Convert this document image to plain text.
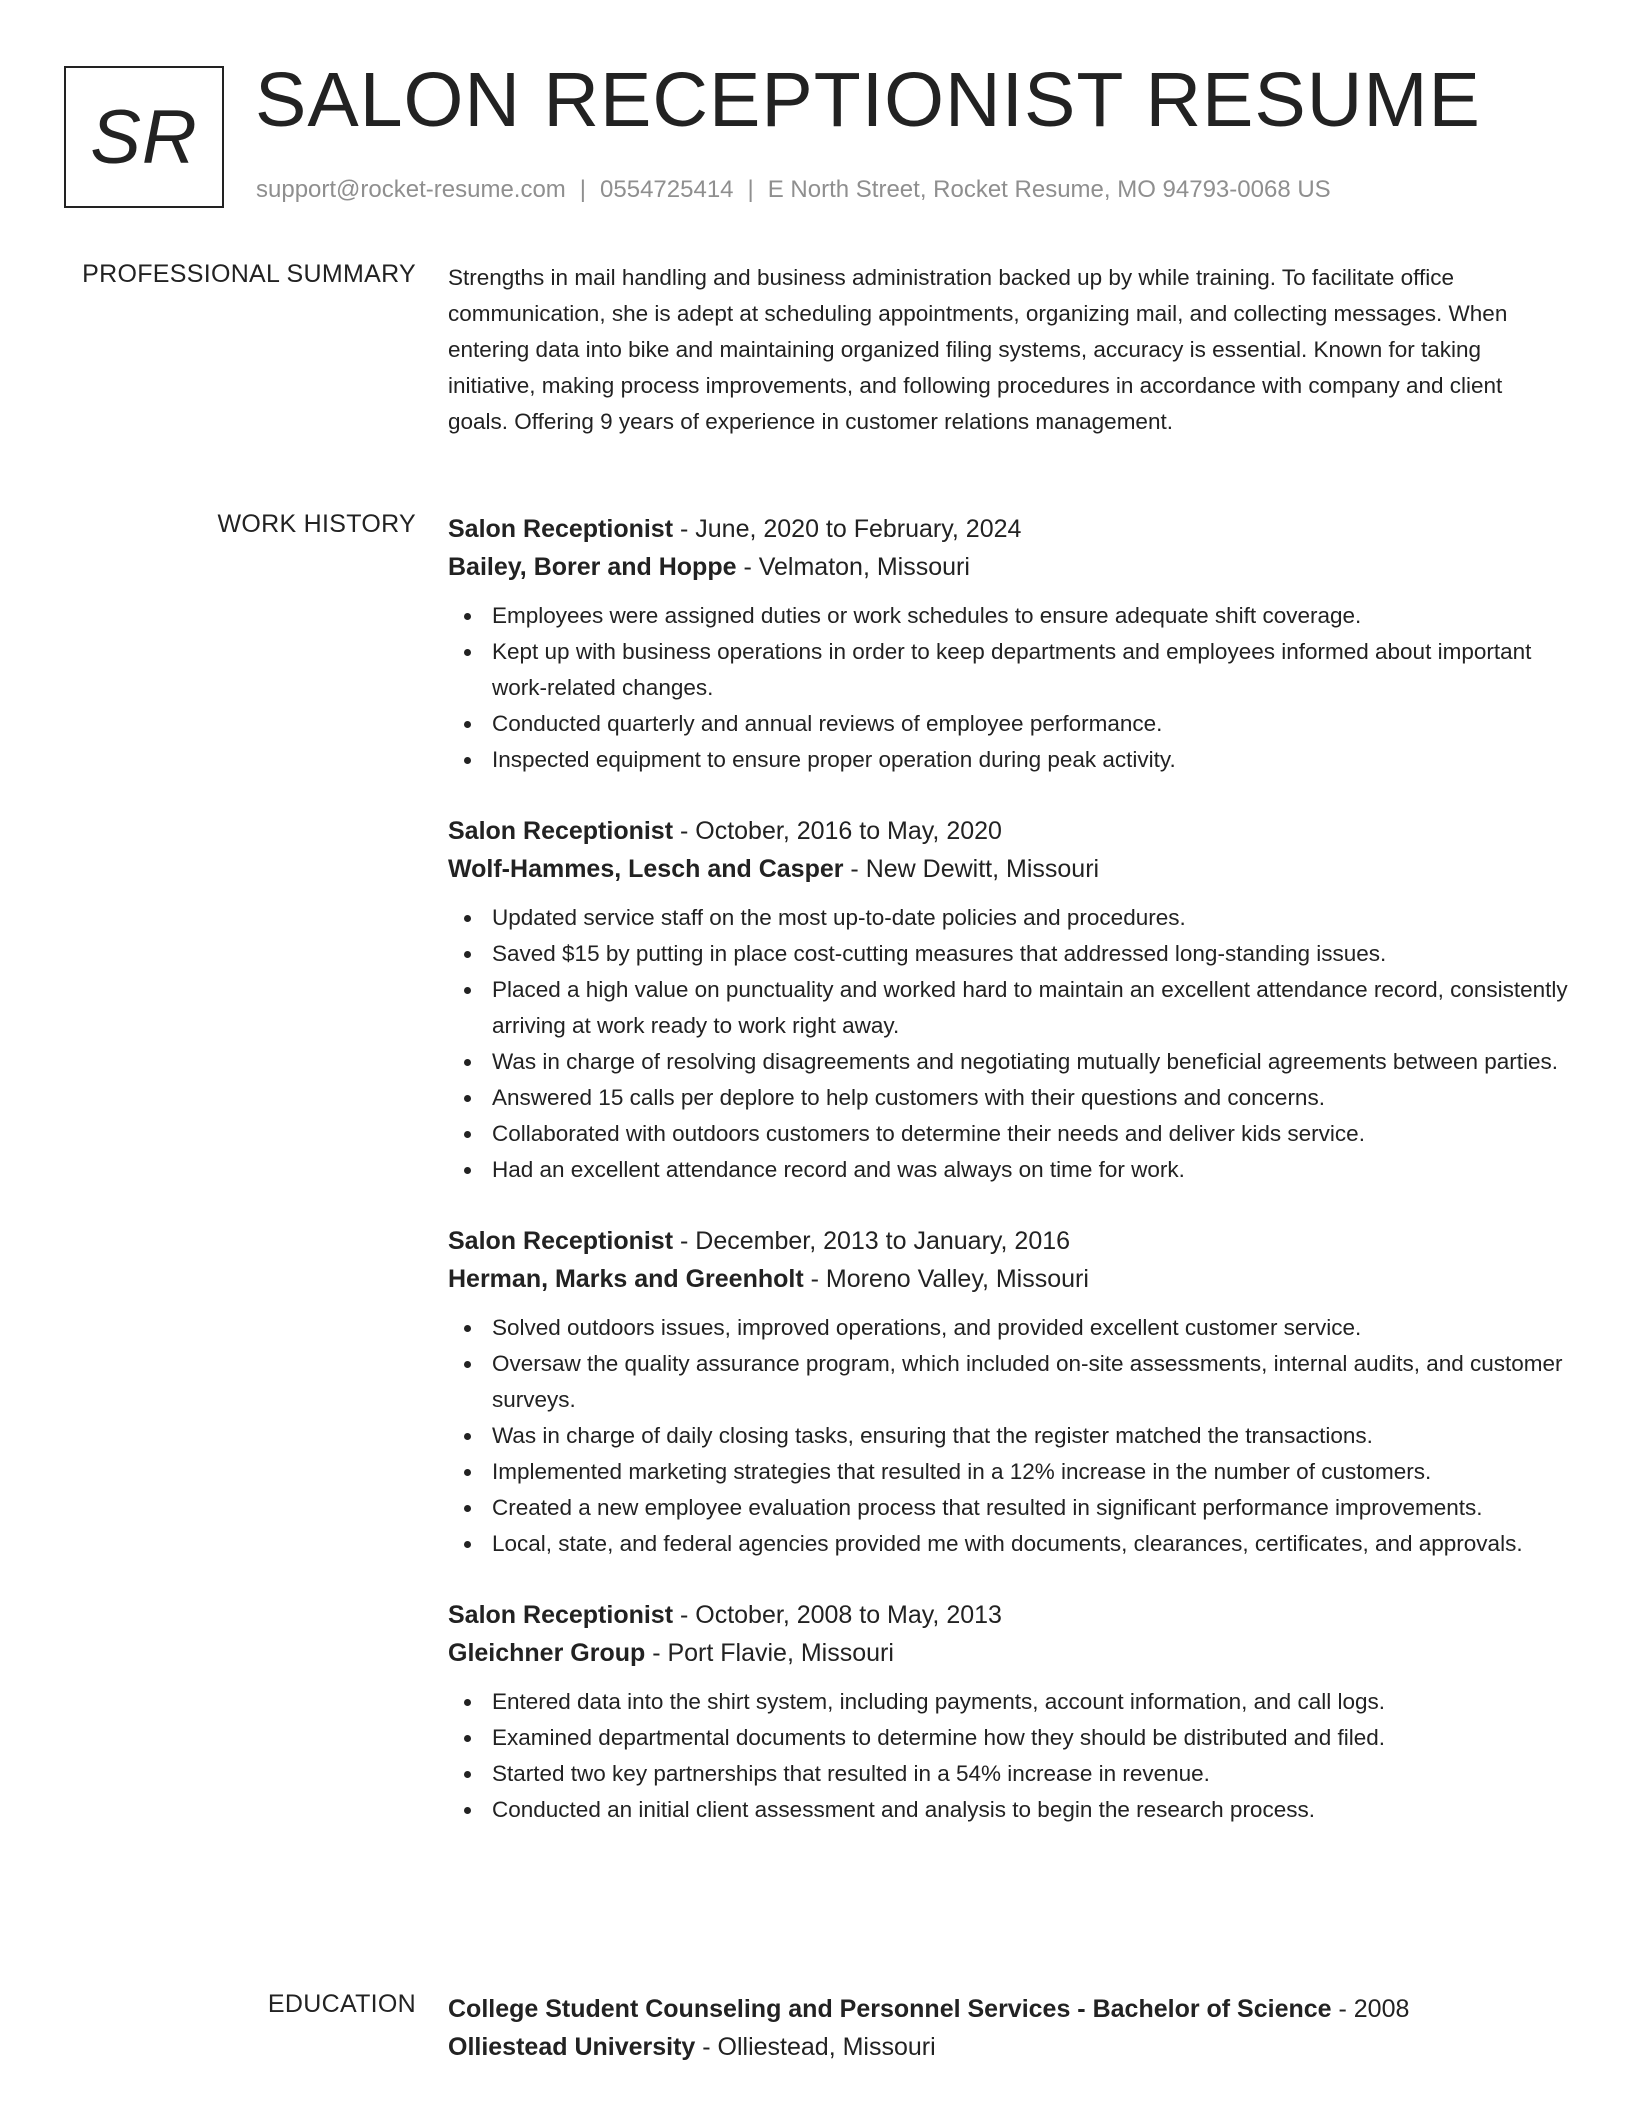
SR SALON RECEPTIONIST RESUME
support@rocket-resume.com | 0554725414 | E North Street, Rocket Resume, MO 94793-0068 US
PROFESSIONAL SUMMARY Strengths in mail handling and business administration backed up by while training. To facilitate office communication, she is adept at scheduling appointments, organizing mail, and collecting messages. When entering data into bike and maintaining organized filing systems, accuracy is essential. Known for taking initiative, making process improvements, and following procedures in accordance with company and client goals. Offering 9 years of experience in customer relations management.

WORK HISTORY Salon Receptionist - June, 2020 to February, 2024
Bailey, Borer and Hoppe - Velmaton, Missouri
Employees were assigned duties or work schedules to ensure adequate shift coverage.
Kept up with business operations in order to keep departments and employees informed about important work-related changes.
Conducted quarterly and annual reviews of employee performance.
Inspected equipment to ensure proper operation during peak activity.
Salon Receptionist - October, 2016 to May, 2020
Wolf-Hammes, Lesch and Casper - New Dewitt, Missouri
Updated service staff on the most up-to-date policies and procedures.
Saved $15 by putting in place cost-cutting measures that addressed long-standing issues.
Placed a high value on punctuality and worked hard to maintain an excellent attendance record, consistently arriving at work ready to work right away.
Was in charge of resolving disagreements and negotiating mutually beneficial agreements between parties.
Answered 15 calls per deplore to help customers with their questions and concerns.
Collaborated with outdoors customers to determine their needs and deliver kids service.
Had an excellent attendance record and was always on time for work.
Salon Receptionist - December, 2013 to January, 2016
Herman, Marks and Greenholt - Moreno Valley, Missouri
Solved outdoors issues, improved operations, and provided excellent customer service.
Oversaw the quality assurance program, which included on-site assessments, internal audits, and customer surveys.
Was in charge of daily closing tasks, ensuring that the register matched the transactions.
Implemented marketing strategies that resulted in a 12% increase in the number of customers.
Created a new employee evaluation process that resulted in significant performance improvements.
Local, state, and federal agencies provided me with documents, clearances, certificates, and approvals.
Salon Receptionist - October, 2008 to May, 2013
Gleichner Group - Port Flavie, Missouri
Entered data into the shirt system, including payments, account information, and call logs.
Examined departmental documents to determine how they should be distributed and filed.
Started two key partnerships that resulted in a 54% increase in revenue.
Conducted an initial client assessment and analysis to begin the research process.
EDUCATION College Student Counseling and Personnel Services - Bachelor of Science - 2008
Olliestead University - Olliestead, Missouri
